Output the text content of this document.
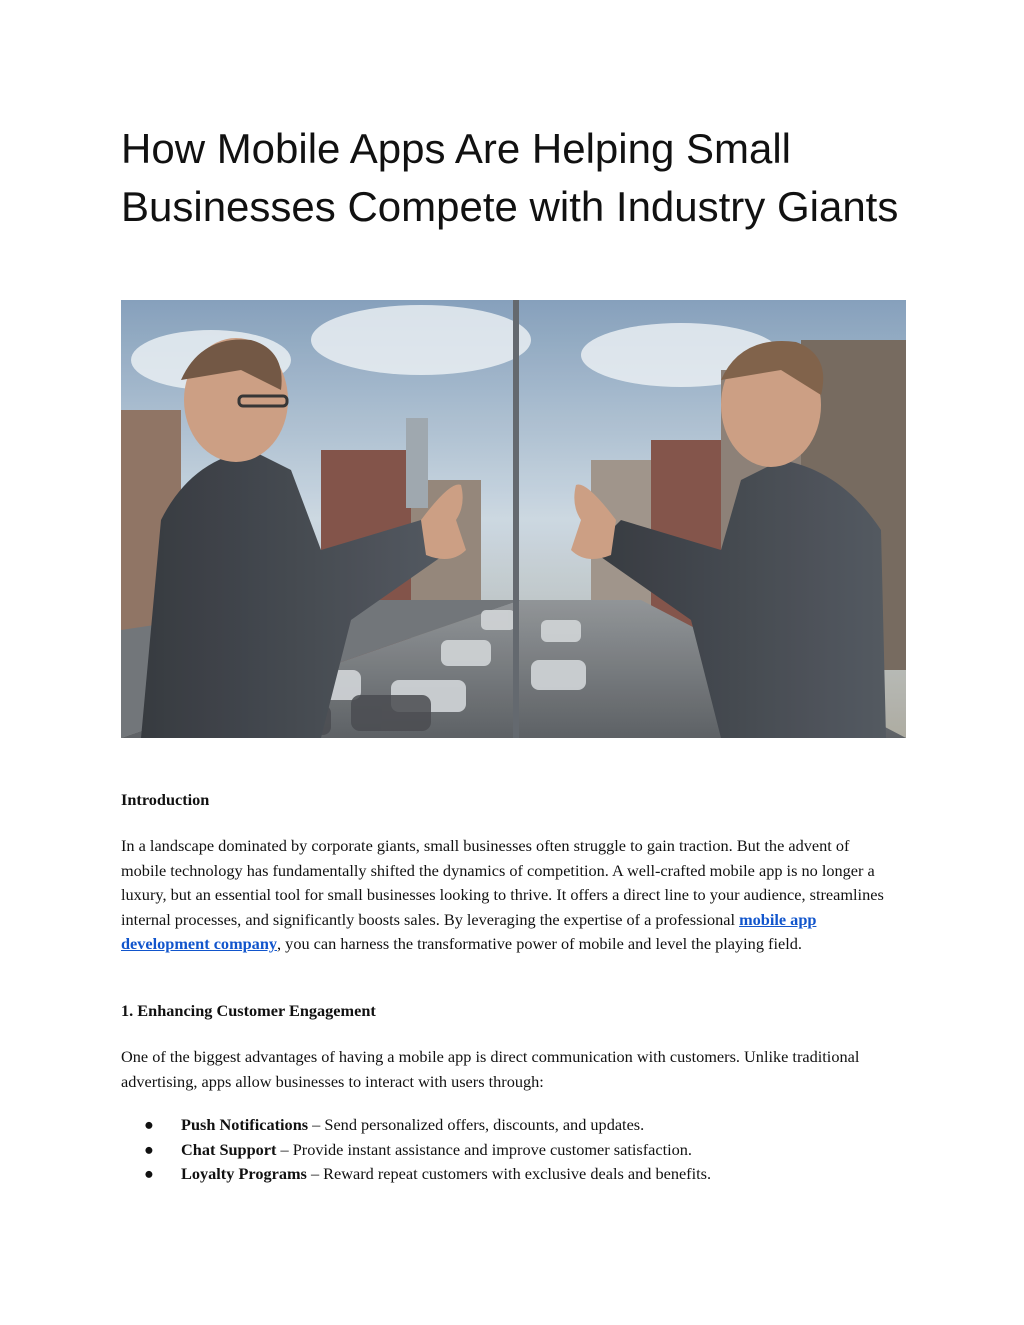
How Mobile Apps Are Helping Small Businesses Compete with Industry Giants

Introduction

In a landscape dominated by corporate giants, small businesses often struggle to gain traction. But the advent of mobile technology has fundamentally shifted the dynamics of competition. A well-crafted mobile app is no longer a luxury, but an essential tool for small businesses looking to thrive. It offers a direct line to your audience, streamlines internal processes, and significantly boosts sales. By leveraging the expertise of a professional mobile app development company, you can harness the transformative power of mobile and level the playing field.

1. Enhancing Customer Engagement

One of the biggest advantages of having a mobile app is direct communication with customers. Unlike traditional advertising, apps allow businesses to interact with users through:

● Push Notifications – Send personalized offers, discounts, and updates.
● Chat Support – Provide instant assistance and improve customer satisfaction.
● Loyalty Programs – Reward repeat customers with exclusive deals and benefits.
